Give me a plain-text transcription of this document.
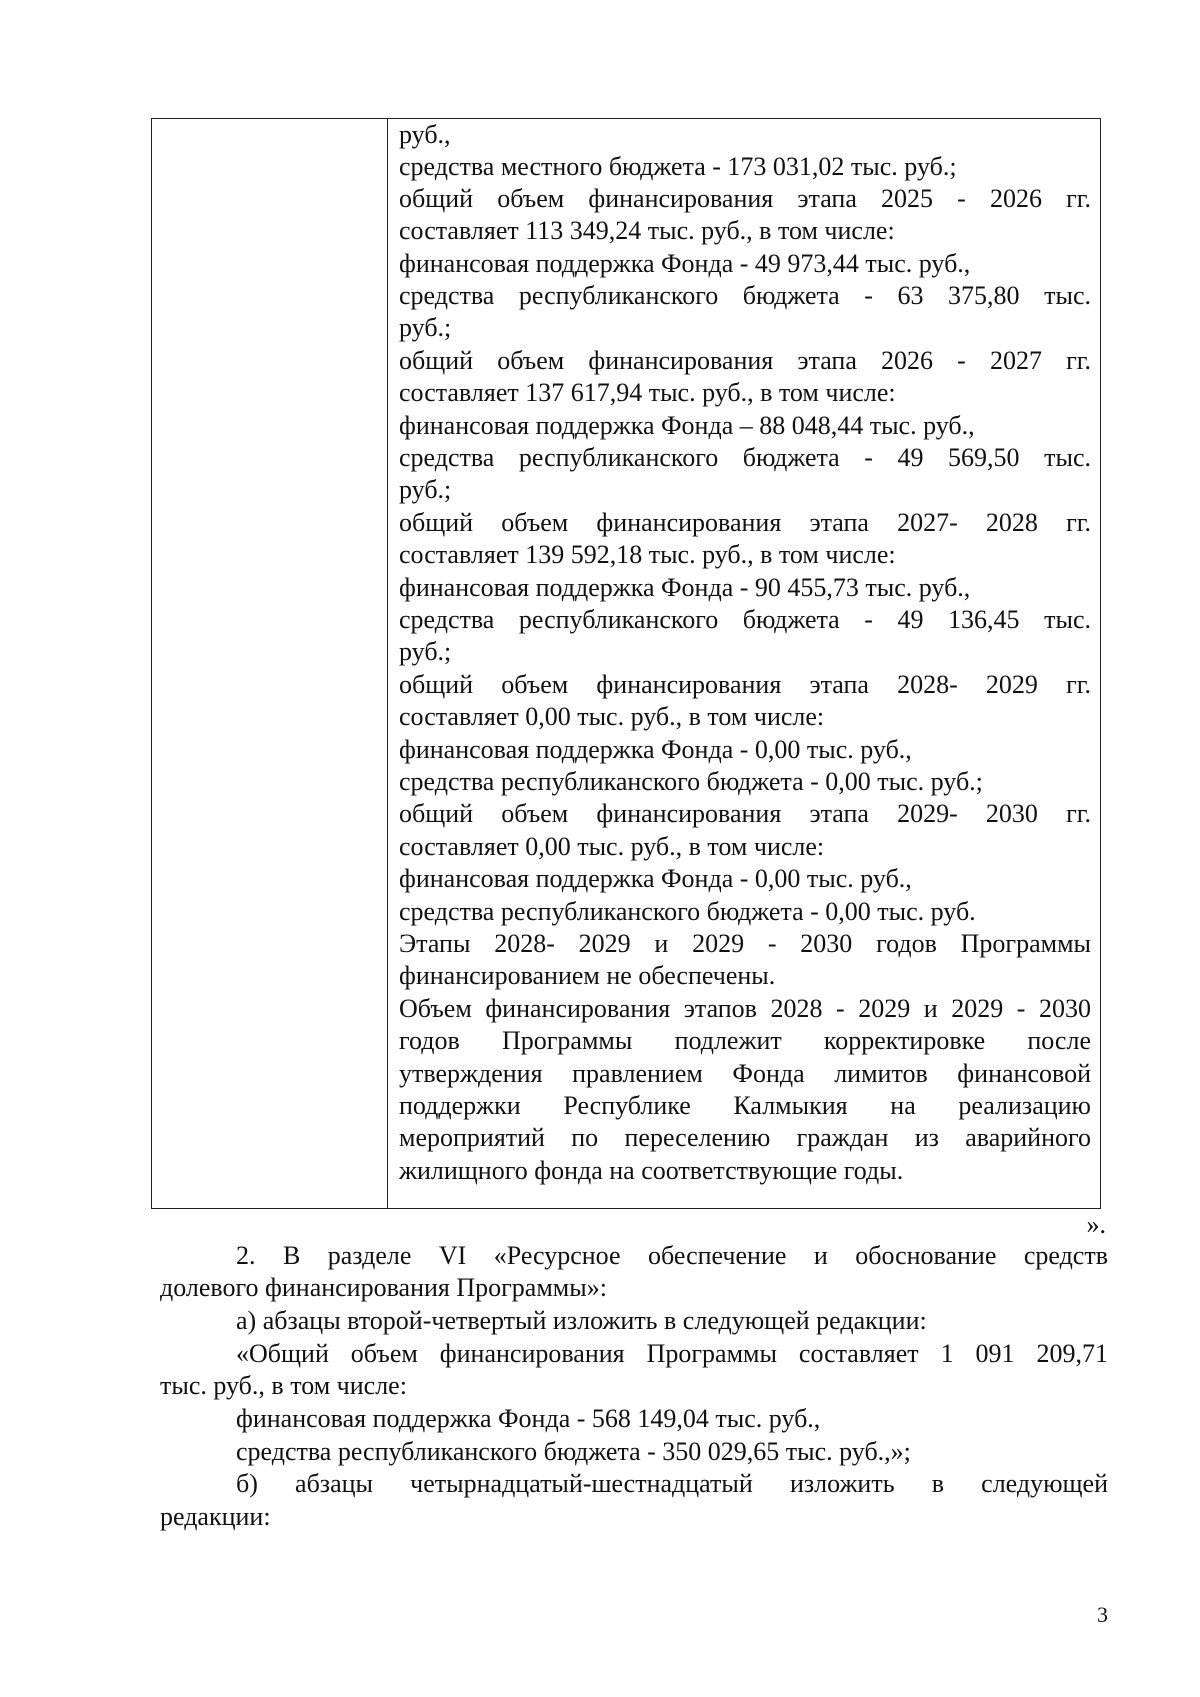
руб.,
средства местного бюджета - 173 031,02 тыс. руб.;
общий объем финансирования этапа 2025 - 2026 гг.
составляет 113 349,24 тыс. руб., в том числе:
финансовая поддержка Фонда - 49 973,44 тыс. руб.,
средства республиканского бюджета - 63 375,80 тыс.
руб.;
общий объем финансирования этапа 2026 - 2027 гг.
составляет 137 617,94 тыс. руб., в том числе:
финансовая поддержка Фонда – 88 048,44 тыс. руб.,
средства республиканского бюджета - 49 569,50 тыс.
руб.;
общий объем финансирования этапа 2027- 2028 гг.
составляет 139 592,18 тыс. руб., в том числе:
финансовая поддержка Фонда - 90 455,73 тыс. руб.,
средства республиканского бюджета - 49 136,45 тыс.
руб.;
общий объем финансирования этапа 2028- 2029 гг.
составляет 0,00 тыс. руб., в том числе:
финансовая поддержка Фонда - 0,00 тыс. руб.,
средства республиканского бюджета - 0,00 тыс. руб.;
общий объем финансирования этапа 2029- 2030 гг.
составляет 0,00 тыс. руб., в том числе:
финансовая поддержка Фонда - 0,00 тыс. руб.,
средства республиканского бюджета - 0,00 тыс. руб.
Этапы 2028- 2029 и 2029 - 2030 годов Программы
финансированием не обеспечены.
Объем финансирования этапов 2028 - 2029 и 2029 - 2030
годов Программы подлежит корректировке после
утверждения правлением Фонда лимитов финансовой
поддержки Республике Калмыкия на реализацию
мероприятий по переселению граждан из аварийного
жилищного фонда на соответствующие годы.
».
2. В разделе VI «Ресурсное обеспечение и обоснование средств
долевого финансирования Программы»:
а) абзацы второй-четвертый изложить в следующей редакции:
«Общий объем финансирования Программы составляет 1 091 209,71
тыс. руб., в том числе:
финансовая поддержка Фонда - 568 149,04 тыс. руб.,
средства республиканского бюджета - 350 029,65 тыс. руб.,»;
б) абзацы четырнадцатый-шестнадцатый изложить в следующей
редакции:
3
